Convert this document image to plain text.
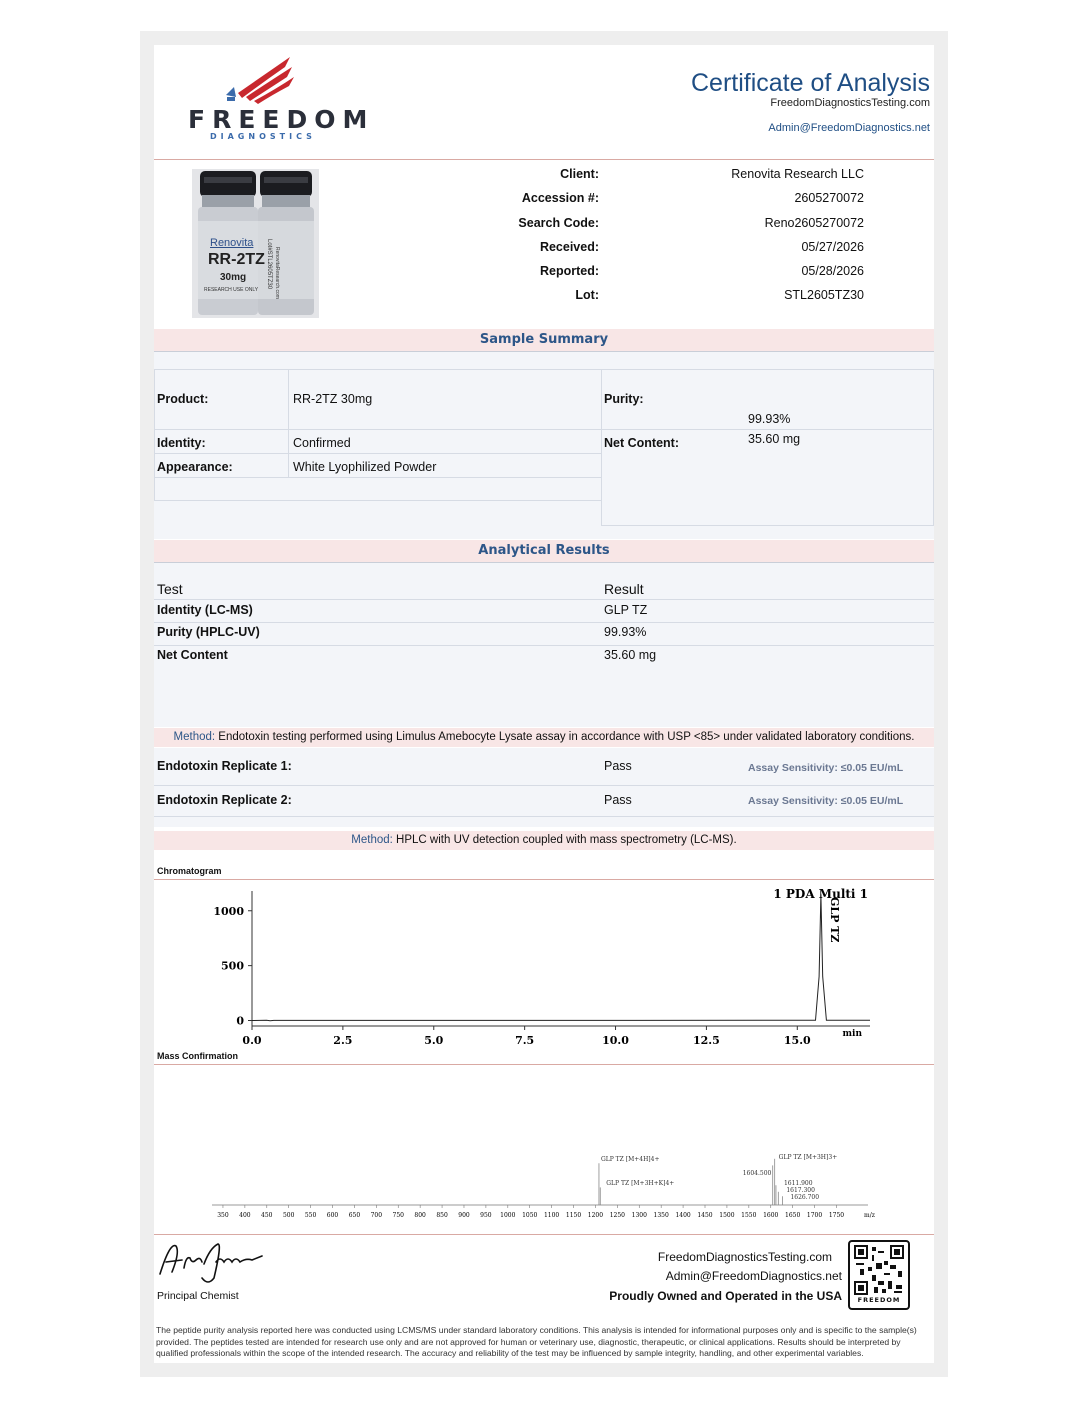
FREEDOM
DIAGNOSTICS
Certificate of Analysis
FreedomDiagnosticsTesting.com
Admin@FreedomDiagnostics.net
Renovita
RR-2TZ
30mg
RESEARCH USE ONLY	RenovitaResearch.com
Lot#STL2605TZ30
Client:	Renovita Research LLC
Accession #:	2605270072
Search Code:	Reno2605270072
Received:	05/27/2026
Reported:	05/28/2026
Lot:	STL2605TZ30
Sample Summary
Product:	RR-2TZ 30mg
Identity:	Confirmed
Appearance:	White Lyophilized Powder
Purity:
99.93%
Net Content:	35.60 mg
Analytical Results
Test	Result
Identity (LC-MS)	GLP TZ
Purity (HPLC-UV)	99.93%
Net Content	35.60 mg
Method: Endotoxin testing performed using Limulus Amebocyte Lysate assay in accordance with USP <85> under validated laboratory conditions.
Endotoxin Replicate 1:	Pass	Assay Sensitivity: ≤0.05 EU/mL
Endotoxin Replicate 2:	Pass	Assay Sensitivity: ≤0.05 EU/mL
Method: HPLC with UV detection coupled with mass spectrometry (LC-MS).
Chromatogram
0
500
1000
0.0	2.5	5.0	7.5	10.0	12.5	15.0	min
1 PDA Multi 1
GLP TZ
Mass Confirmation
350 400 450 500 550 600 650 700 750 800 850 900 950 1000 1050 1100 1150 1200 1250 1300 1350 1400 1450 1500 1550 1600 1650 1700 1750	m/z
GLP TZ [M+4H]4+
GLP TZ [M+3H+K]4+
1604.500
GLP TZ [M+3H]3+
1611.900
1617.300
1626.700
Principal Chemist
FreedomDiagnosticsTesting.com
Admin@FreedomDiagnostics.net
Proudly Owned and Operated in the USA	FREEDOM
The peptide purity analysis reported here was conducted using LCMS/MS under standard laboratory conditions. This analysis is intended for informational purposes only and is specific to the sample(s) provided. The peptides tested are intended for research use only and are not approved for human or veterinary use, diagnostic, therapeutic, or clinical applications. Results should be interpreted by qualified professionals within the scope of the intended research. The accuracy and reliability of the test may be influenced by sample integrity, handling, and other experimental variables.
